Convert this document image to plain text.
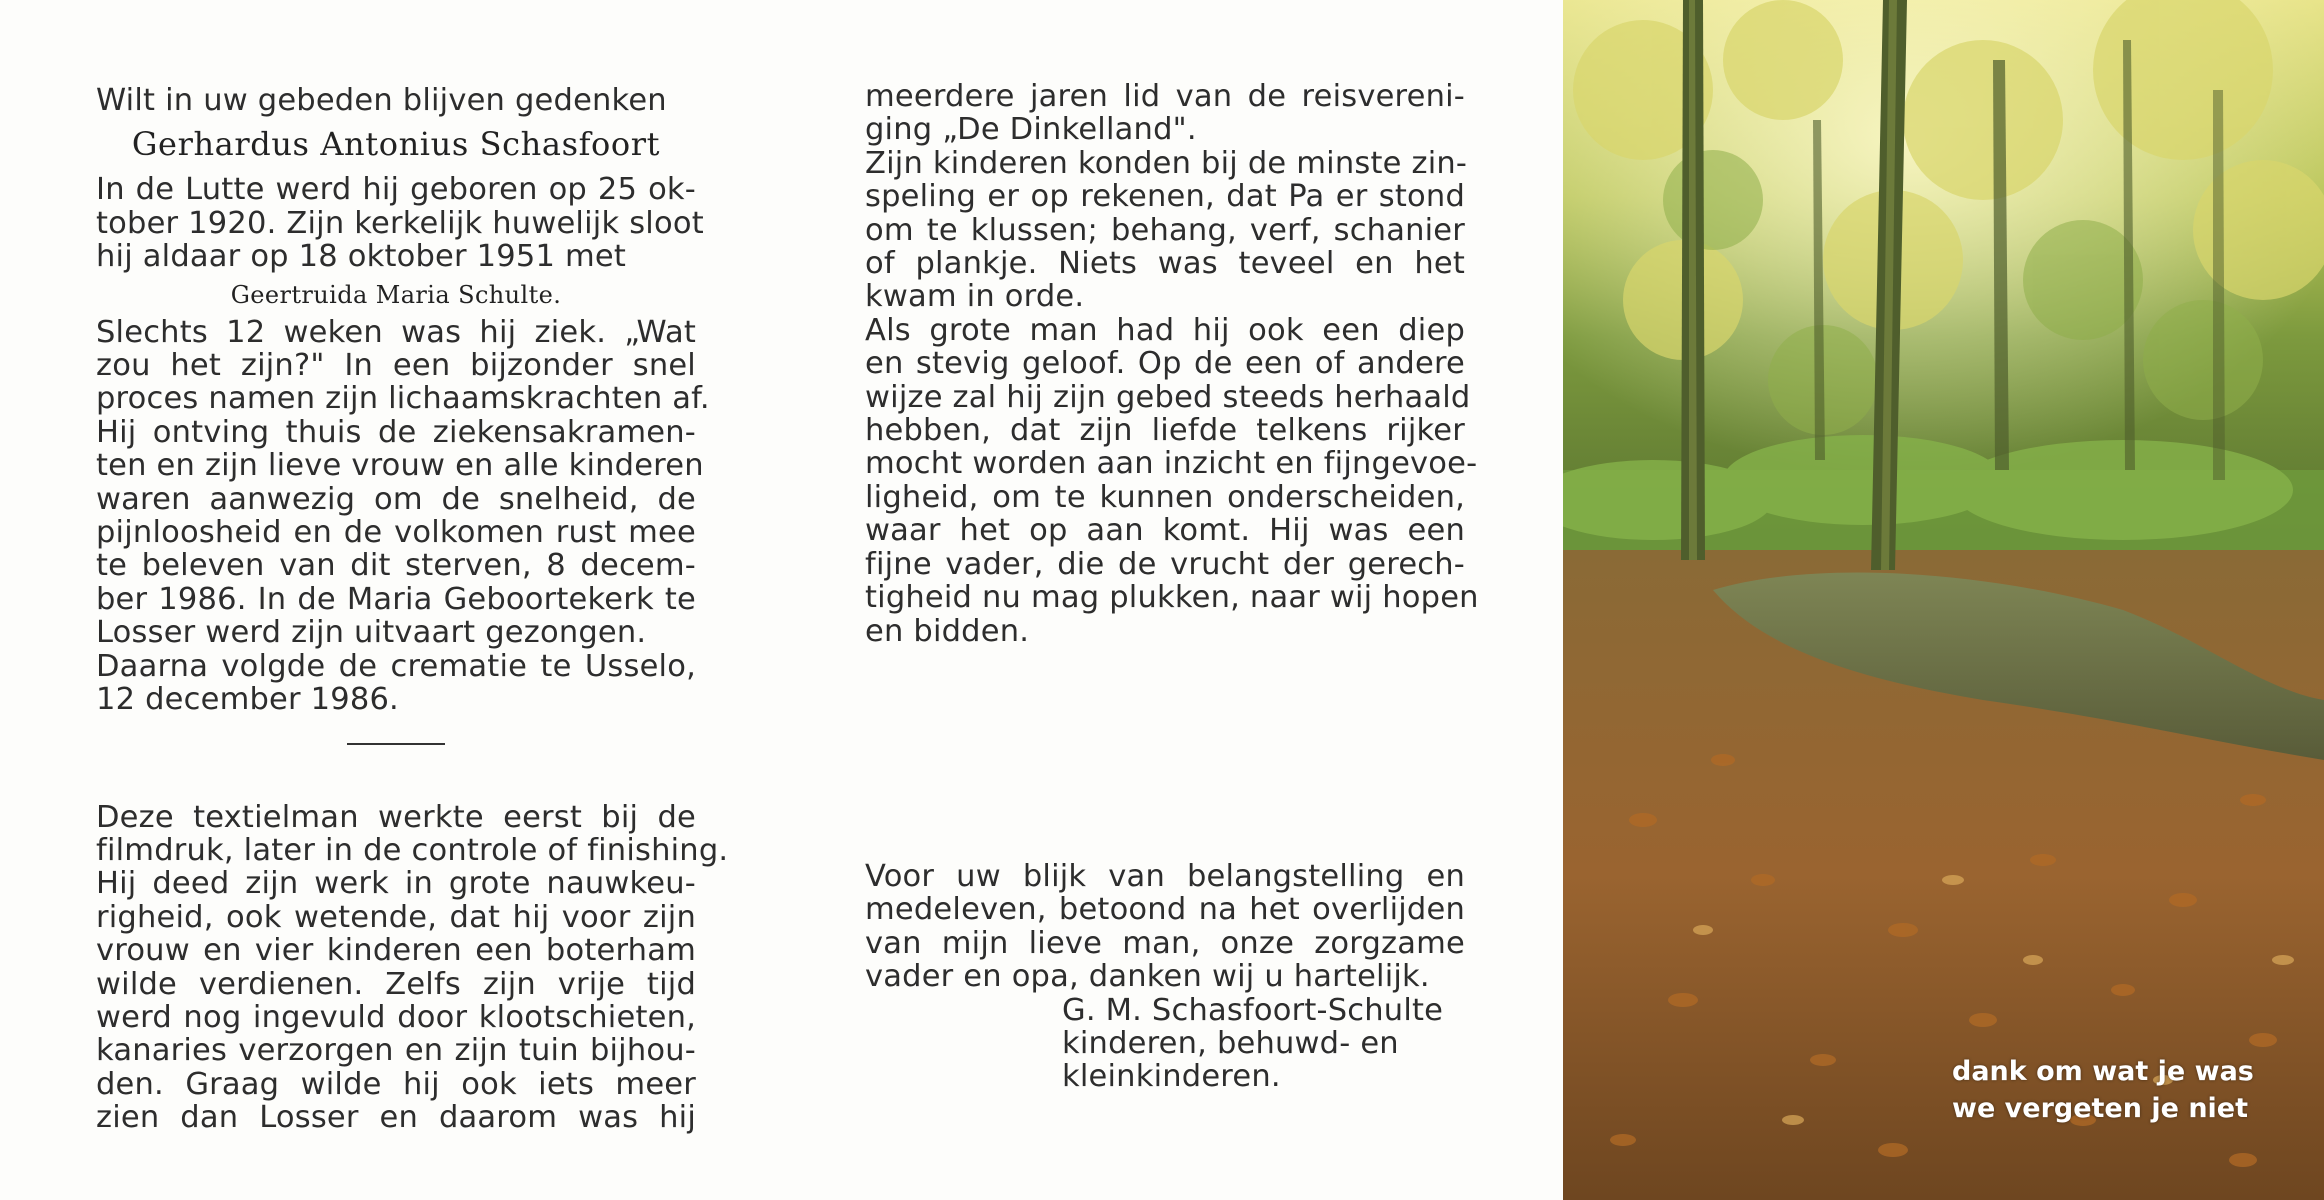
Wilt in uw gebeden blijven gedenken
Gerhardus Antonius Schasfoort
In de Lutte werd hij geboren op 25 ok-
tober 1920. Zijn kerkelijk huwelijk sloot
hij aldaar op 18 oktober 1951 met
Geertruida Maria Schulte.
Slechts 12 weken was hij ziek. „Wat
zou het zijn?" In een bijzonder snel
proces namen zijn lichaamskrachten af.
Hij ontving thuis de ziekensakramen-
ten en zijn lieve vrouw en alle kinderen
waren aanwezig om de snelheid, de
pijnloosheid en de volkomen rust mee
te beleven van dit sterven, 8 decem-
ber 1986. In de Maria Geboortekerk te
Losser werd zijn uitvaart gezongen.
Daarna volgde de crematie te Usselo,
12 december 1986.
Deze textielman werkte eerst bij de
filmdruk, later in de controle of finishing.
Hij deed zijn werk in grote nauwkeu-
righeid, ook wetende, dat hij voor zijn
vrouw en vier kinderen een boterham
wilde verdienen. Zelfs zijn vrije tijd
werd nog ingevuld door klootschieten,
kanaries verzorgen en zijn tuin bijhou-
den. Graag wilde hij ook iets meer
zien dan Losser en daarom was hij
meerdere jaren lid van de reisvereni-
ging „De Dinkelland".
Zijn kinderen konden bij de minste zin-
speling er op rekenen, dat Pa er stond
om te klussen; behang, verf, schanier
of plankje. Niets was teveel en het
kwam in orde.
Als grote man had hij ook een diep
en stevig geloof. Op de een of andere
wijze zal hij zijn gebed steeds herhaald
hebben, dat zijn liefde telkens rijker
mocht worden aan inzicht en fijngevoe-
ligheid, om te kunnen onderscheiden,
waar het op aan komt. Hij was een
fijne vader, die de vrucht der gerech-
tigheid nu mag plukken, naar wij hopen
en bidden.
Voor uw blijk van belangstelling en
medeleven, betoond na het overlijden
van mijn lieve man, onze zorgzame
vader en opa, danken wij u hartelijk.
G. M. Schasfoort-Schulte
kinderen, behuwd- en
kleinkinderen.	dank om wat je was
we vergeten je niet
